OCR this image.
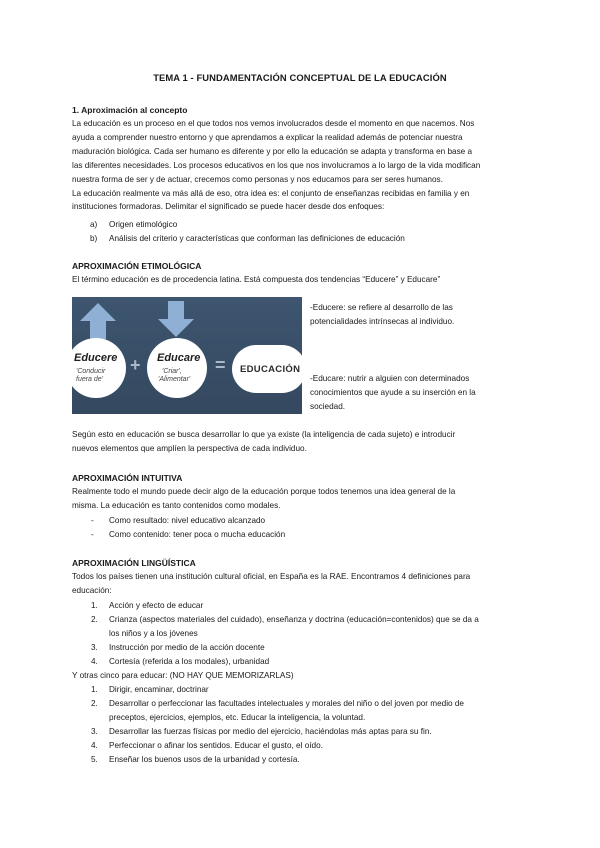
TEMA 1 - FUNDAMENTACIÓN CONCEPTUAL DE LA EDUCACIÓN
1. Aproximación al concepto
La educación es un proceso en el que todos nos vemos involucrados desde el momento en que nacemos. Nos
ayuda a comprender nuestro entorno y que aprendamos a explicar la realidad además de potenciar nuestra
maduración biológica. Cada ser humano es diferente y por ello la educación se adapta y transforma en base a
las diferentes necesidades. Los procesos educativos en los que nos involucramos a lo largo de la vida modifican
nuestra forma de ser y de actuar, crecemos como personas y nos educamos para ser seres humanos.
La educación realmente va más allá de eso, otra idea es: el conjunto de enseñanzas recibidas en familia y en
instituciones formadoras. Delimitar el significado se puede hacer desde dos enfoques:
a) Origen etimológico
b) Análisis del criterio y características que conforman las definiciones de educación
APROXIMACIÓN ETIMOLÓGICA
El término educación es de procedencia latina. Está compuesta dos tendencias “Educere” y Educare”
Educere
'Conducir
fuera de'
+ Educare
'Criar',
'Alimentar'
= EDUCACIÓN
-Educere: se refiere al desarrollo de las
potencialidades intrínsecas al individuo.
-Educare: nutrir a alguien con determinados
conocimientos que ayude a su inserción en la
sociedad.
Según esto en educación se busca desarrollar lo que ya existe (la inteligencia de cada sujeto) e introducir
nuevos elementos que amplíen la perspectiva de cada individuo.
APROXIMACIÓN INTUITIVA
Realmente todo el mundo puede decir algo de la educación porque todos tenemos una idea general de la
misma. La educación es tanto contenidos como modales.
- Como resultado: nivel educativo alcanzado
- Como contenido: tener poca o mucha educación
APROXIMACIÓN LINGÜÍSTICA
Todos los países tienen una institución cultural oficial, en España es la RAE. Encontramos 4 definiciones para
educación:
1. Acción y efecto de educar
2. Crianza (aspectos materiales del cuidado), enseñanza y doctrina (educación=contenidos) que se da a
los niños y a los jóvenes
3. Instrucción por medio de la acción docente
4. Cortesía (referida a los modales), urbanidad
Y otras cinco para educar: (NO HAY QUE MEMORIZARLAS)
1. Dirigir, encaminar, doctrinar
2. Desarrollar o perfeccionar las facultades intelectuales y morales del niño o del joven por medio de
preceptos, ejercicios, ejemplos, etc. Educar la inteligencia, la voluntad.
3. Desarrollar las fuerzas físicas por medio del ejercicio, haciéndolas más aptas para su fin.
4. Perfeccionar o afinar los sentidos. Educar el gusto, el oído.
5. Enseñar los buenos usos de la urbanidad y cortesía.
